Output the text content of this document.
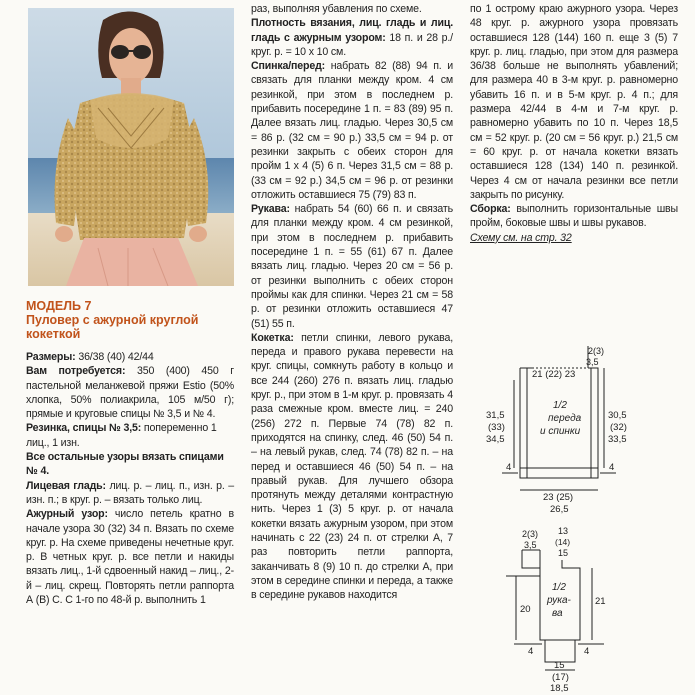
МОДЕЛЬ 7
Пуловер с ажурной круглой кокеткой

Размеры: 36/38 (40) 42/44

Вам потребуется: 350 (400) 450 г пастельной меланжевой пряжи Estio (50% хлопка, 50% полиакрила, 105 м/50 г); прямые и круговые спицы № 3,5 и № 4.

Резинка, спицы № 3,5: попеременно 1 лиц., 1 изн.

Все остальные узоры вязать спицами № 4.

Лицевая гладь: лиц. р. – лиц. п., изн. р. – изн. п.; в круг. р. – вязать только лиц.

Ажурный узор: число петель кратно в начале узора 30 (32) 34 п. Вязать по схеме круг. р. На схеме приведены нечетные круг. р. В четных круг. р. все петли и накиды вязать лиц., 1-й сдвоенный накид – лиц., 2-й – лиц. скрещ. Повторять петли раппорта А (В) С. С 1-го по 48-й р. выполнить 1

раз, выполняя убавления по схеме.

Плотность вязания, лиц. гладь и лиц. гладь с ажурным узором: 18 п. и 28 р./круг. р. = 10 х 10 см.

Спинка/перед: набрать 82 (88) 94 п. и связать для планки между кром. 4 см резинкой, при этом в последнем р. прибавить посередине 1 п. = 83 (89) 95 п. Далее вязать лиц. гладью. Через 30,5 см = 86 р. (32 см = 90 р.) 33,5 см = 94 р. от резинки закрыть с обеих сторон для пройм 1 х 4 (5) 6 п. Через 31,5 см = 88 р. (33 см = 92 р.) 34,5 см = 96 р. от резинки отложить оставшиеся 75 (79) 83 п.

Рукава: набрать 54 (60) 66 п. и связать для планки между кром. 4 см резинкой, при этом в последнем р. прибавить посередине 1 п. = 55 (61) 67 п. Далее вязать лиц. гладью. Через 20 см = 56 р. от резинки выполнить с обеих сторон проймы как для спинки. Через 21 см = 58 р. от резинки отложить оставшиеся 47 (51) 55 п.

Кокетка: петли спинки, левого рукава, переда и правого рукава перевести на круг. спицы, сомкнуть работу в кольцо и все 244 (260) 276 п. вязать лиц. гладью круг. р., при этом в 1-м круг. р. провязать 4 раза смежные кром. вместе лиц. = 240 (256) 272 п. Первые 74 (78) 82 п. приходятся на спинку, след. 46 (50) 54 п. – на левый рукав, след. 74 (78) 82 п. – на перед и оставшиеся 46 (50) 54 п. – на правый рукав. Для лучшего обзора протянуть между деталями контрастную нить. Через 1 (3) 5 круг. р. от начала кокетки вязать ажурным узором, при этом начинать с 22 (23) 24 п. от стрелки А, 7 раз повторить петли раппорта, заканчивать 8 (9) 10 п. до стрелки А, при этом в середине спинки и переда, а также в середине рукавов находится

по 1 острому краю ажурного узора. Через 48 круг. р. ажурного узора провязать оставшиеся 128 (144) 160 п. еще 3 (5) 7 круг. р. лиц. гладью, при этом для размера 36/38 больше не выполнять убавлений; для размера 40 в 3-м круг. р. равномерно убавить 16 п. и в 5-м круг. р. 4 п.; для размера 42/44 в 4-м и 7-м круг. р. равномерно убавить по 10 п. Через 18,5 см = 52 круг. р. (20 см = 56 круг. р.) 21,5 см = 60 круг. р. от начала кокетки вязать оставшиеся 128 (134) 140 п. резинкой. Через 4 см от начала резинки все петли закрыть по рисунку.

Сборка: выполнить горизонтальные швы пройм, боковые швы и швы рукавов.

Схему см. на стр. 32

2(3)
3,5
21 (22) 23
1/2
переда
и спинки
31,5
(33)
34,5
30,5
(32)
33,5
4	4
23 (25)
26,5
2(3)
3,5
13
(14)
15
1/2
рука-
ва
20
21
4	4
15
(17)
18,5
